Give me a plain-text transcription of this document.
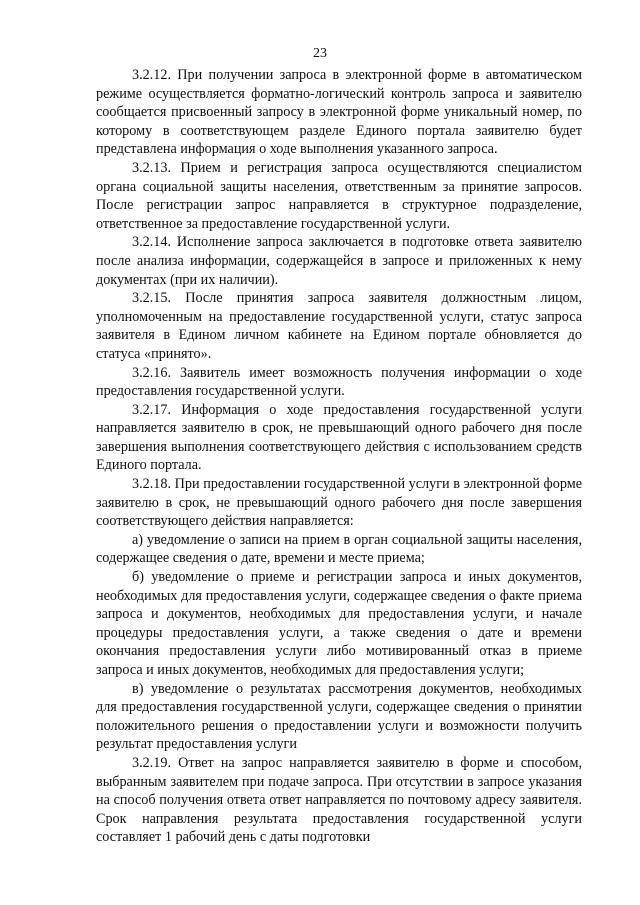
23

3.2.12. При получении запроса в электронной форме в автоматическом режиме осуществляется форматно-логический контроль запроса и заявителю сообщается присвоенный запросу в электронной форме уникальный номер, по которому в соответствующем разделе Единого портала заявителю будет представлена информация о ходе выполнения указанного запроса.

3.2.13. Прием и регистрация запроса осуществляются специалистом органа социальной защиты населения, ответственным за принятие запросов. После регистрации запрос направляется в структурное подразделение, ответственное за предоставление государственной услуги.

3.2.14. Исполнение запроса заключается в подготовке ответа заявителю после анализа информации, содержащейся в запросе и приложенных к нему документах (при их наличии).

3.2.15. После принятия запроса заявителя должностным лицом, уполномоченным на предоставление государственной услуги, статус запроса заявителя в Едином личном кабинете на Едином портале обновляется до статуса «принято».

3.2.16. Заявитель имеет возможность получения информации о ходе предоставления государственной услуги.

3.2.17. Информация о ходе предоставления государственной услуги направляется заявителю в срок, не превышающий одного рабочего дня после завершения выполнения соответствующего действия с использованием средств Единого портала.

3.2.18. При предоставлении государственной услуги в электронной форме заявителю в срок, не превышающий одного рабочего дня после завершения соответствующего действия направляется:

а) уведомление о записи на прием в орган социальной защиты населения, содержащее сведения о дате, времени и месте приема;

б) уведомление о приеме и регистрации запроса и иных документов, необходимых для предоставления услуги, содержащее сведения о факте приема запроса и документов, необходимых для предоставления услуги, и начале процедуры предоставления услуги, а также сведения о дате и времени окончания предоставления услуги либо мотивированный отказ в приеме запроса и иных документов, необходимых для предоставления услуги;

в) уведомление о результатах рассмотрения документов, необходимых для предоставления государственной услуги, содержащее сведения о принятии положительного решения о предоставлении услуги и возможности получить результат предоставления услуги

3.2.19. Ответ на запрос направляется заявителю в форме и способом, выбранным заявителем при подаче запроса. При отсутствии в запросе указания на способ получения ответа ответ направляется по почтовому адресу заявителя. Срок направления результата предоставления государственной услуги составляет 1 рабочий день с даты подготовки
